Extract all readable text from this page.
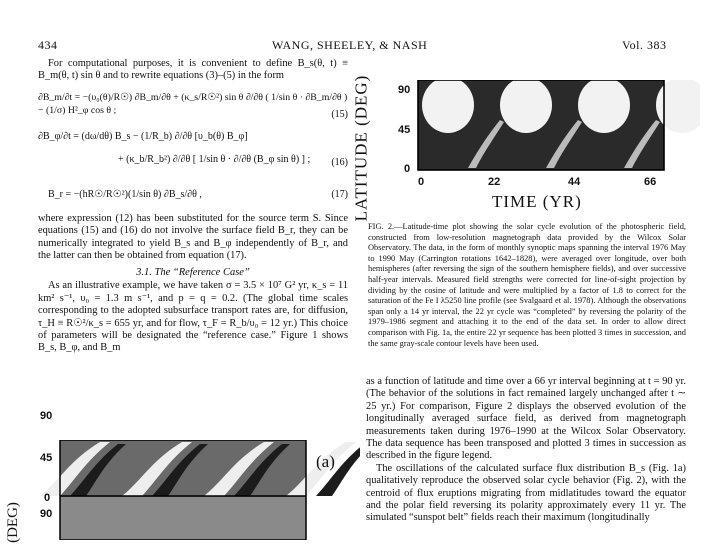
434	WANG, SHEELEY, & NASH	Vol. 383
For computational purposes, it is convenient to define B_s(θ, t) ≡ B_m(θ, t) sin θ and to rewrite equations (3)–(5) in the form
∂B_m/∂t = −(υ₀(θ)/R☉) ∂B_m/∂θ + (κ_s/R☉²) sin θ ∂/∂θ ( 1/sin θ · ∂B_m/∂θ ) − (1/σ) H²_φ cos θ ;	(15)
∂B_φ/∂t = (dω/dθ) B_s − (1/R_b) ∂/∂θ [υ_b(θ) B_φ]
+ (κ_b/R_b²) ∂/∂θ [ 1/sin θ · ∂/∂θ (B_φ sin θ) ] ;	(16)
B_r = −(hR☉/R☉²)(1/sin θ) ∂B_s/∂θ ,	(17)
where expression (12) has been substituted for the source term S. Since equations (15) and (16) do not involve the surface field B_r, they can be numerically integrated to yield B_s and B_φ independently of B_r, and the latter can then be obtained from equation (17).
3.1. The “Reference Case”
As an illustrative example, we have taken σ = 3.5 × 10⁷ G² yr, κ_s = 11 km² s⁻¹, υ₀ = 1.3 m s⁻¹, and p = q = 0.2. (The global time scales corresponding to the adopted subsurface transport rates are, for diffusion, τ_H ≡ R☉²/κ_s = 655 yr, and for flow, τ_F = R_b/υ₀ = 12 yr.) This choice of parameters will be designated the “reference case.” Figure 1 shows B_s, B_φ, and B_m
90
45
0
90
(a)
(DEG)
90
45
0
0	22	44	66
TIME (YR)
LATITUDE (DEG)
FIG. 2.—Latitude-time plot showing the solar cycle evolution of the photospheric field, constructed from low-resolution magnetograph data provided by the Wilcox Solar Observatory. The data, in the form of monthly synoptic maps spanning the interval 1976 May to 1990 May (Carrington rotations 1642–1828), were averaged over longitude, over both hemispheres (after reversing the sign of the southern hemisphere fields), and over successive half-year intervals. Measured field strengths were corrected for line-of-sight projection by dividing by the cosine of latitude and were multiplied by a factor of 1.8 to correct for the saturation of the Fe I λ5250 line profile (see Svalgaard et al. 1978). Although the observations span only a 14 yr interval, the 22 yr cycle was “completed” by reversing the polarity of the 1979–1986 segment and attaching it to the end of the data set. In order to allow direct comparison with Fig. 1a, the entire 22 yr sequence has been plotted 3 times in succession, and the same gray-scale contour levels have been used.
as a function of latitude and time over a 66 yr interval beginning at t = 90 yr. (The behavior of the solutions in fact remained largely unchanged after t ∼ 25 yr.) For comparison, Figure 2 displays the observed evolution of the longitudinally averaged surface field, as derived from magnetograph measurements taken during 1976–1990 at the Wilcox Solar Observatory. The data sequence has been transposed and plotted 3 times in succession as described in the figure legend.
The oscillations of the calculated surface flux distribution B_s (Fig. 1a) qualitatively reproduce the observed solar cycle behavior (Fig. 2), with the centroid of flux eruptions migrating from midlatitudes toward the equator and the polar field reversing its polarity approximately every 11 yr. The simulated “sunspot belt” fields reach their maximum (longitudinally
